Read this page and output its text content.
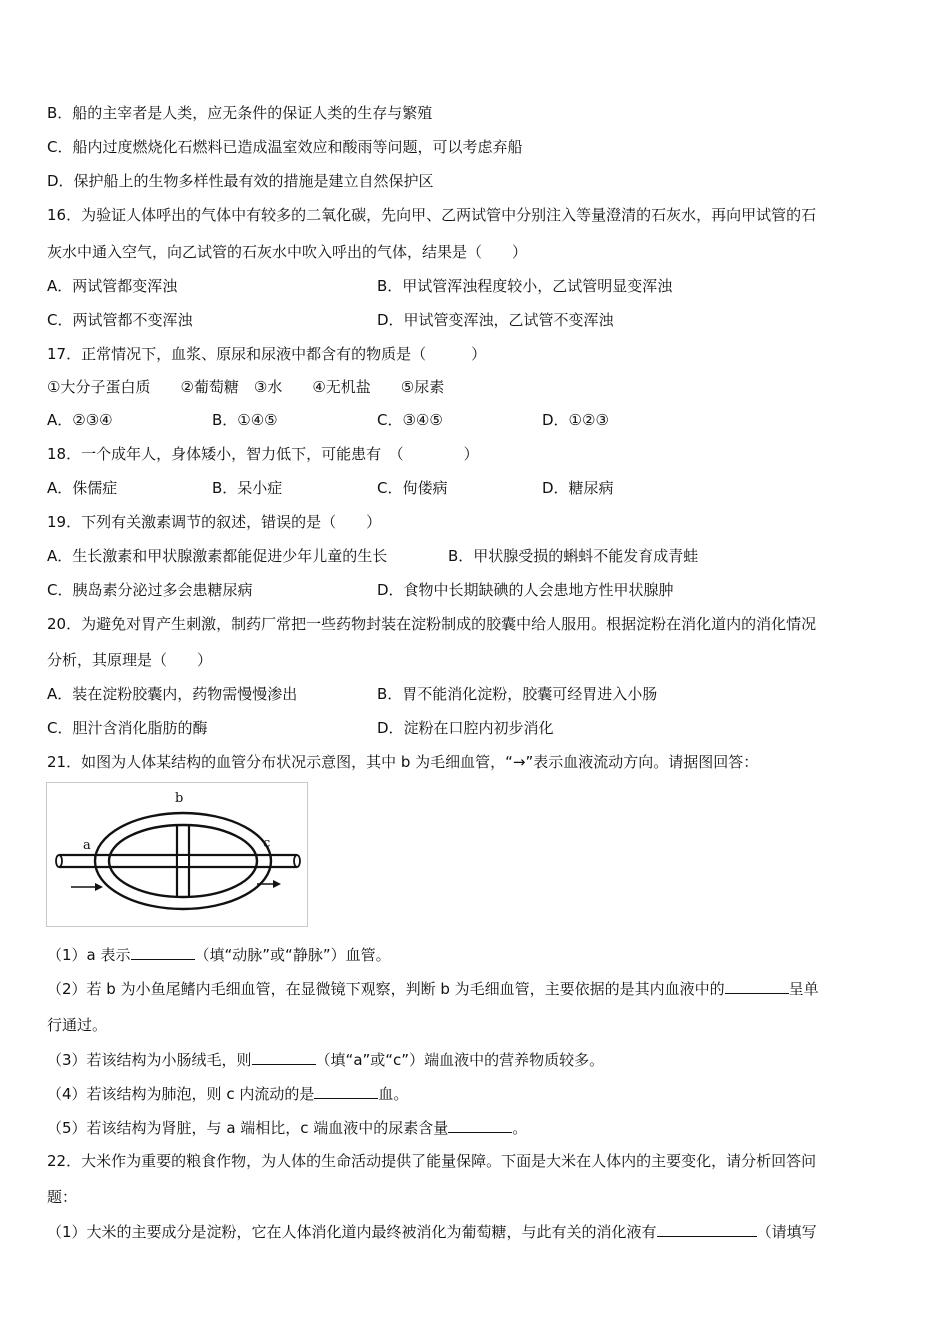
B．船的主宰者是人类，应无条件的保证人类的生存与繁殖
C．船内过度燃烧化石燃料已造成温室效应和酸雨等问题，可以考虑弃船
D．保护船上的生物多样性最有效的措施是建立自然保护区
16．为验证人体呼出的气体中有较多的二氧化碳，先向甲、乙两试管中分别注入等量澄清的石灰水，再向甲试管的石
灰水中通入空气，向乙试管的石灰水中吹入呼出的气体，结果是（　　）
A．两试管都变浑浊	B．甲试管浑浊程度较小，乙试管明显变浑浊
C．两试管都不变浑浊	D．甲试管变浑浊，乙试管不变浑浊
17．正常情况下，血浆、原尿和尿液中都含有的物质是（　　　）
①大分子蛋白质　　②葡萄糖　③水　　④无机盐　　⑤尿素
A．②③④	B．①④⑤	C．③④⑤	D．①②③
18．一个成年人，身体矮小，智力低下，可能患有　（　　　　）
A．侏儒症	B．呆小症	C．佝偻病	D．糖尿病
19．下列有关激素调节的叙述，错误的是（　　）
A．生长激素和甲状腺激素都能促进少年儿童的生长	B．甲状腺受损的蝌蚪不能发育成青蛙
C．胰岛素分泌过多会患糖尿病	D．食物中长期缺碘的人会患地方性甲状腺肿
20．为避免对胃产生刺激，制药厂常把一些药物封装在淀粉制成的胶囊中给人服用。根据淀粉在消化道内的消化情况
分析，其原理是（　　）
A．装在淀粉胶囊内，药物需慢慢渗出	B．胃不能消化淀粉，胶囊可经胃进入小肠
C．胆汁含消化脂肪的酶	D．淀粉在口腔内初步消化
21．如图为人体某结构的血管分布状况示意图，其中 b 为毛细血管，“→”表示血液流动方向。请据图回答：
a
b
c
（1）a 表示	（填“动脉”或“静脉”）血管。
（2）若 b 为小鱼尾鳍内毛细血管，在显微镜下观察，判断 b 为毛细血管，主要依据的是其内血液中的	呈单
行通过。
（3）若该结构为小肠绒毛，则	（填“a”或“c”）端血液中的营养物质较多。
（4）若该结构为肺泡，则 c 内流动的是	血。
（5）若该结构为肾脏，与 a 端相比，c 端血液中的尿素含量	。
22．大米作为重要的粮食作物，为人体的生命活动提供了能量保障。下面是大米在人体内的主要变化，请分析回答问
题：
（1）大米的主要成分是淀粉，它在人体消化道内最终被消化为葡萄糖，与此有关的消化液有	（请填写
